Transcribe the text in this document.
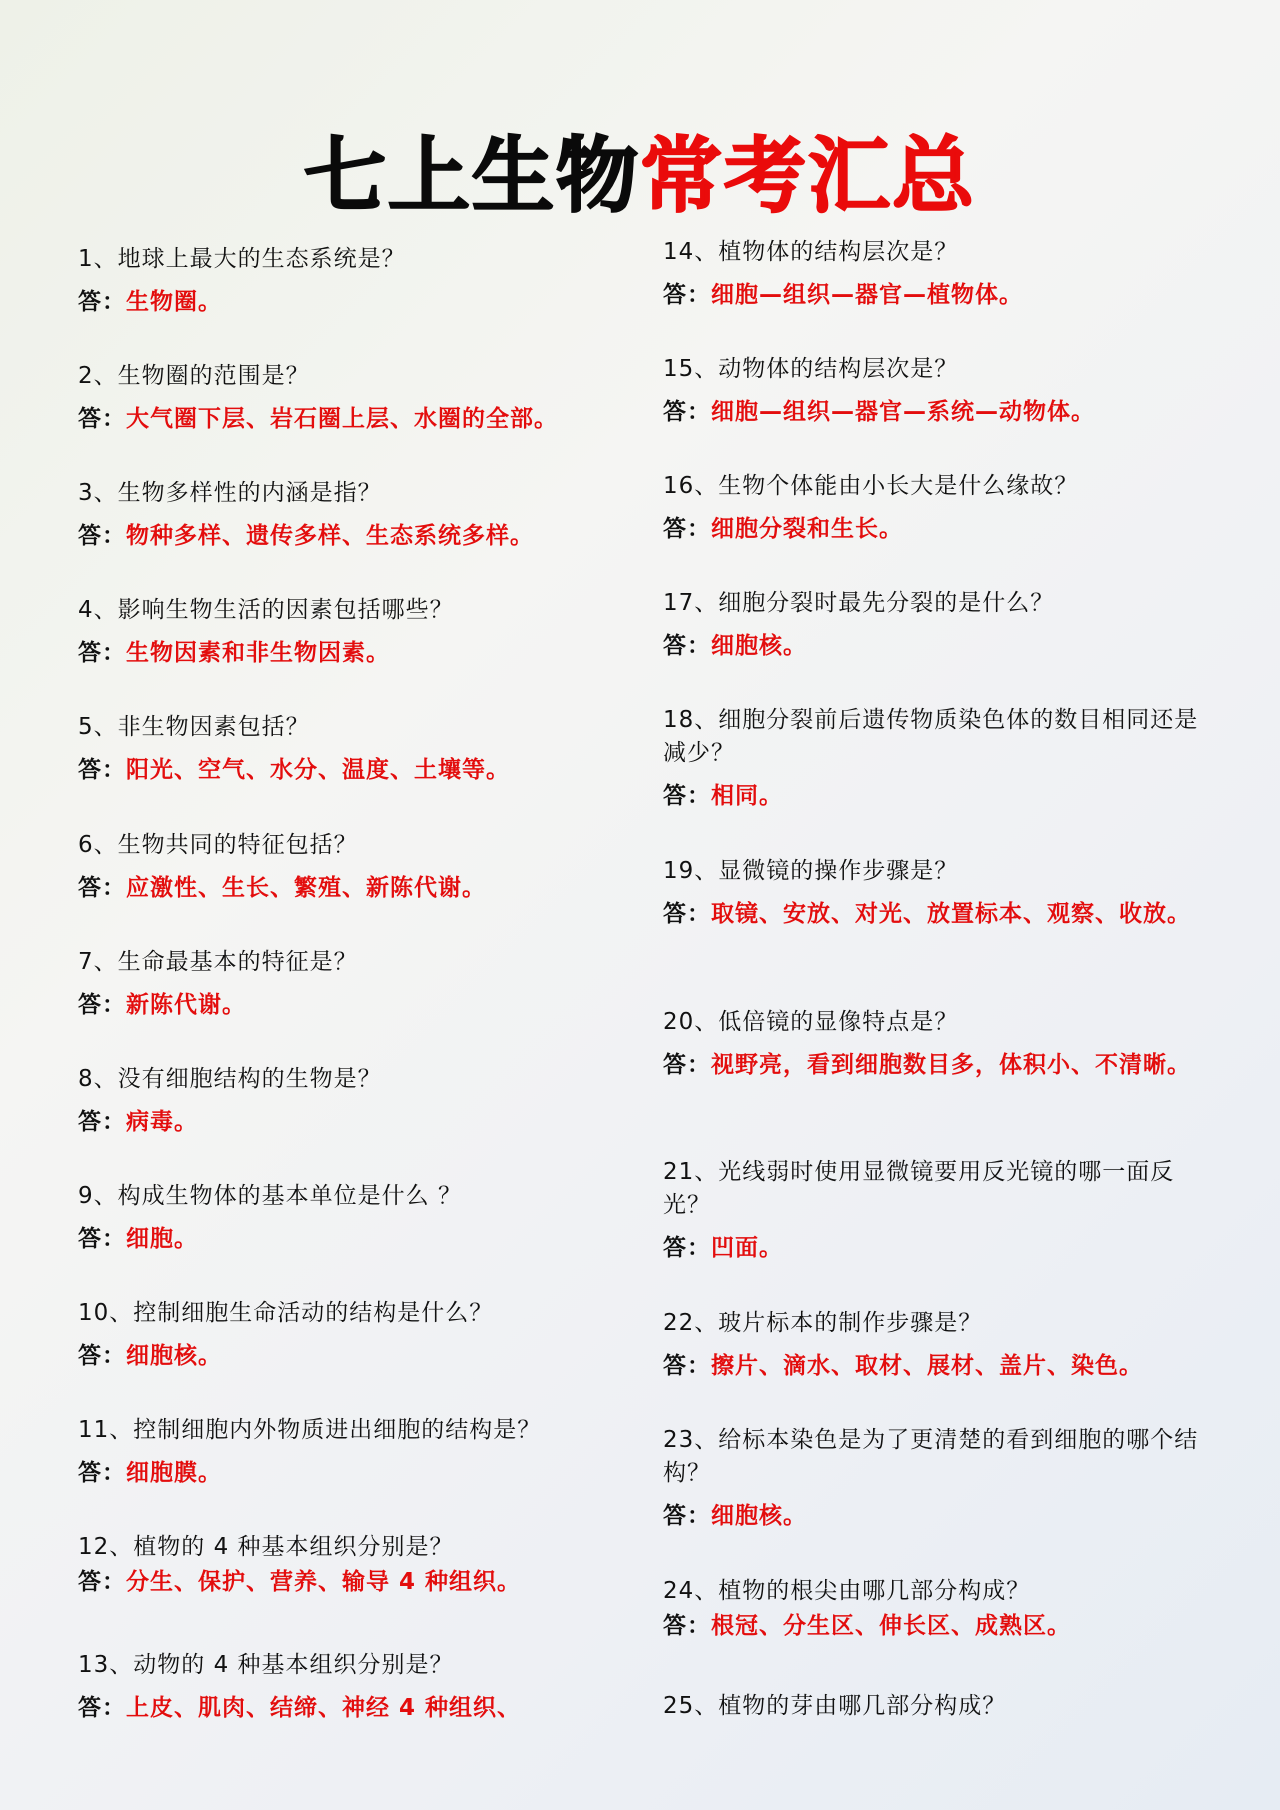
七上生物常考汇总
1、地球上最大的生态系统是？
答：生物圈。
2、生物圈的范围是？
答：大气圈下层、岩石圈上层、水圈的全部。
3、生物多样性的内涵是指？
答：物种多样、遗传多样、生态系统多样。
4、影响生物生活的因素包括哪些？
答：生物因素和非生物因素。
5、非生物因素包括？
答：阳光、空气、水分、温度、土壤等。
6、生物共同的特征包括？
答：应激性、生长、繁殖、新陈代谢。
7、生命最基本的特征是？
答：新陈代谢。
8、没有细胞结构的生物是？
答：病毒。
9、构成生物体的基本单位是什么 ？
答：细胞。
10、控制细胞生命活动的结构是什么？
答：细胞核。
11、控制细胞内外物质进出细胞的结构是？
答：细胞膜。
12、植物的 4 种基本组织分别是？
答：分生、保护、营养、输导 4 种组织。
13、动物的 4 种基本组织分别是？
答：上皮、肌肉、结缔、神经 4 种组织、
14、植物体的结构层次是？
答：细胞—组织—器官—植物体。
15、动物体的结构层次是？
答：细胞—组织—器官—系统—动物体。
16、生物个体能由小长大是什么缘故？
答：细胞分裂和生长。
17、细胞分裂时最先分裂的是什么？
答：细胞核。
18、细胞分裂前后遗传物质染色体的数目相同还是减少？
答：相同。
19、显微镜的操作步骤是？
答：取镜、安放、对光、放置标本、观察、收放。
20、低倍镜的显像特点是？
答：视野亮，看到细胞数目多，体积小、不清晰。
21、光线弱时使用显微镜要用反光镜的哪一面反光？
答：凹面。
22、玻片标本的制作步骤是？
答：擦片、滴水、取材、展材、盖片、染色。
23、给标本染色是为了更清楚的看到细胞的哪个结构？
答：细胞核。
24、植物的根尖由哪几部分构成？
答：根冠、分生区、伸长区、成熟区。
25、植物的芽由哪几部分构成？
